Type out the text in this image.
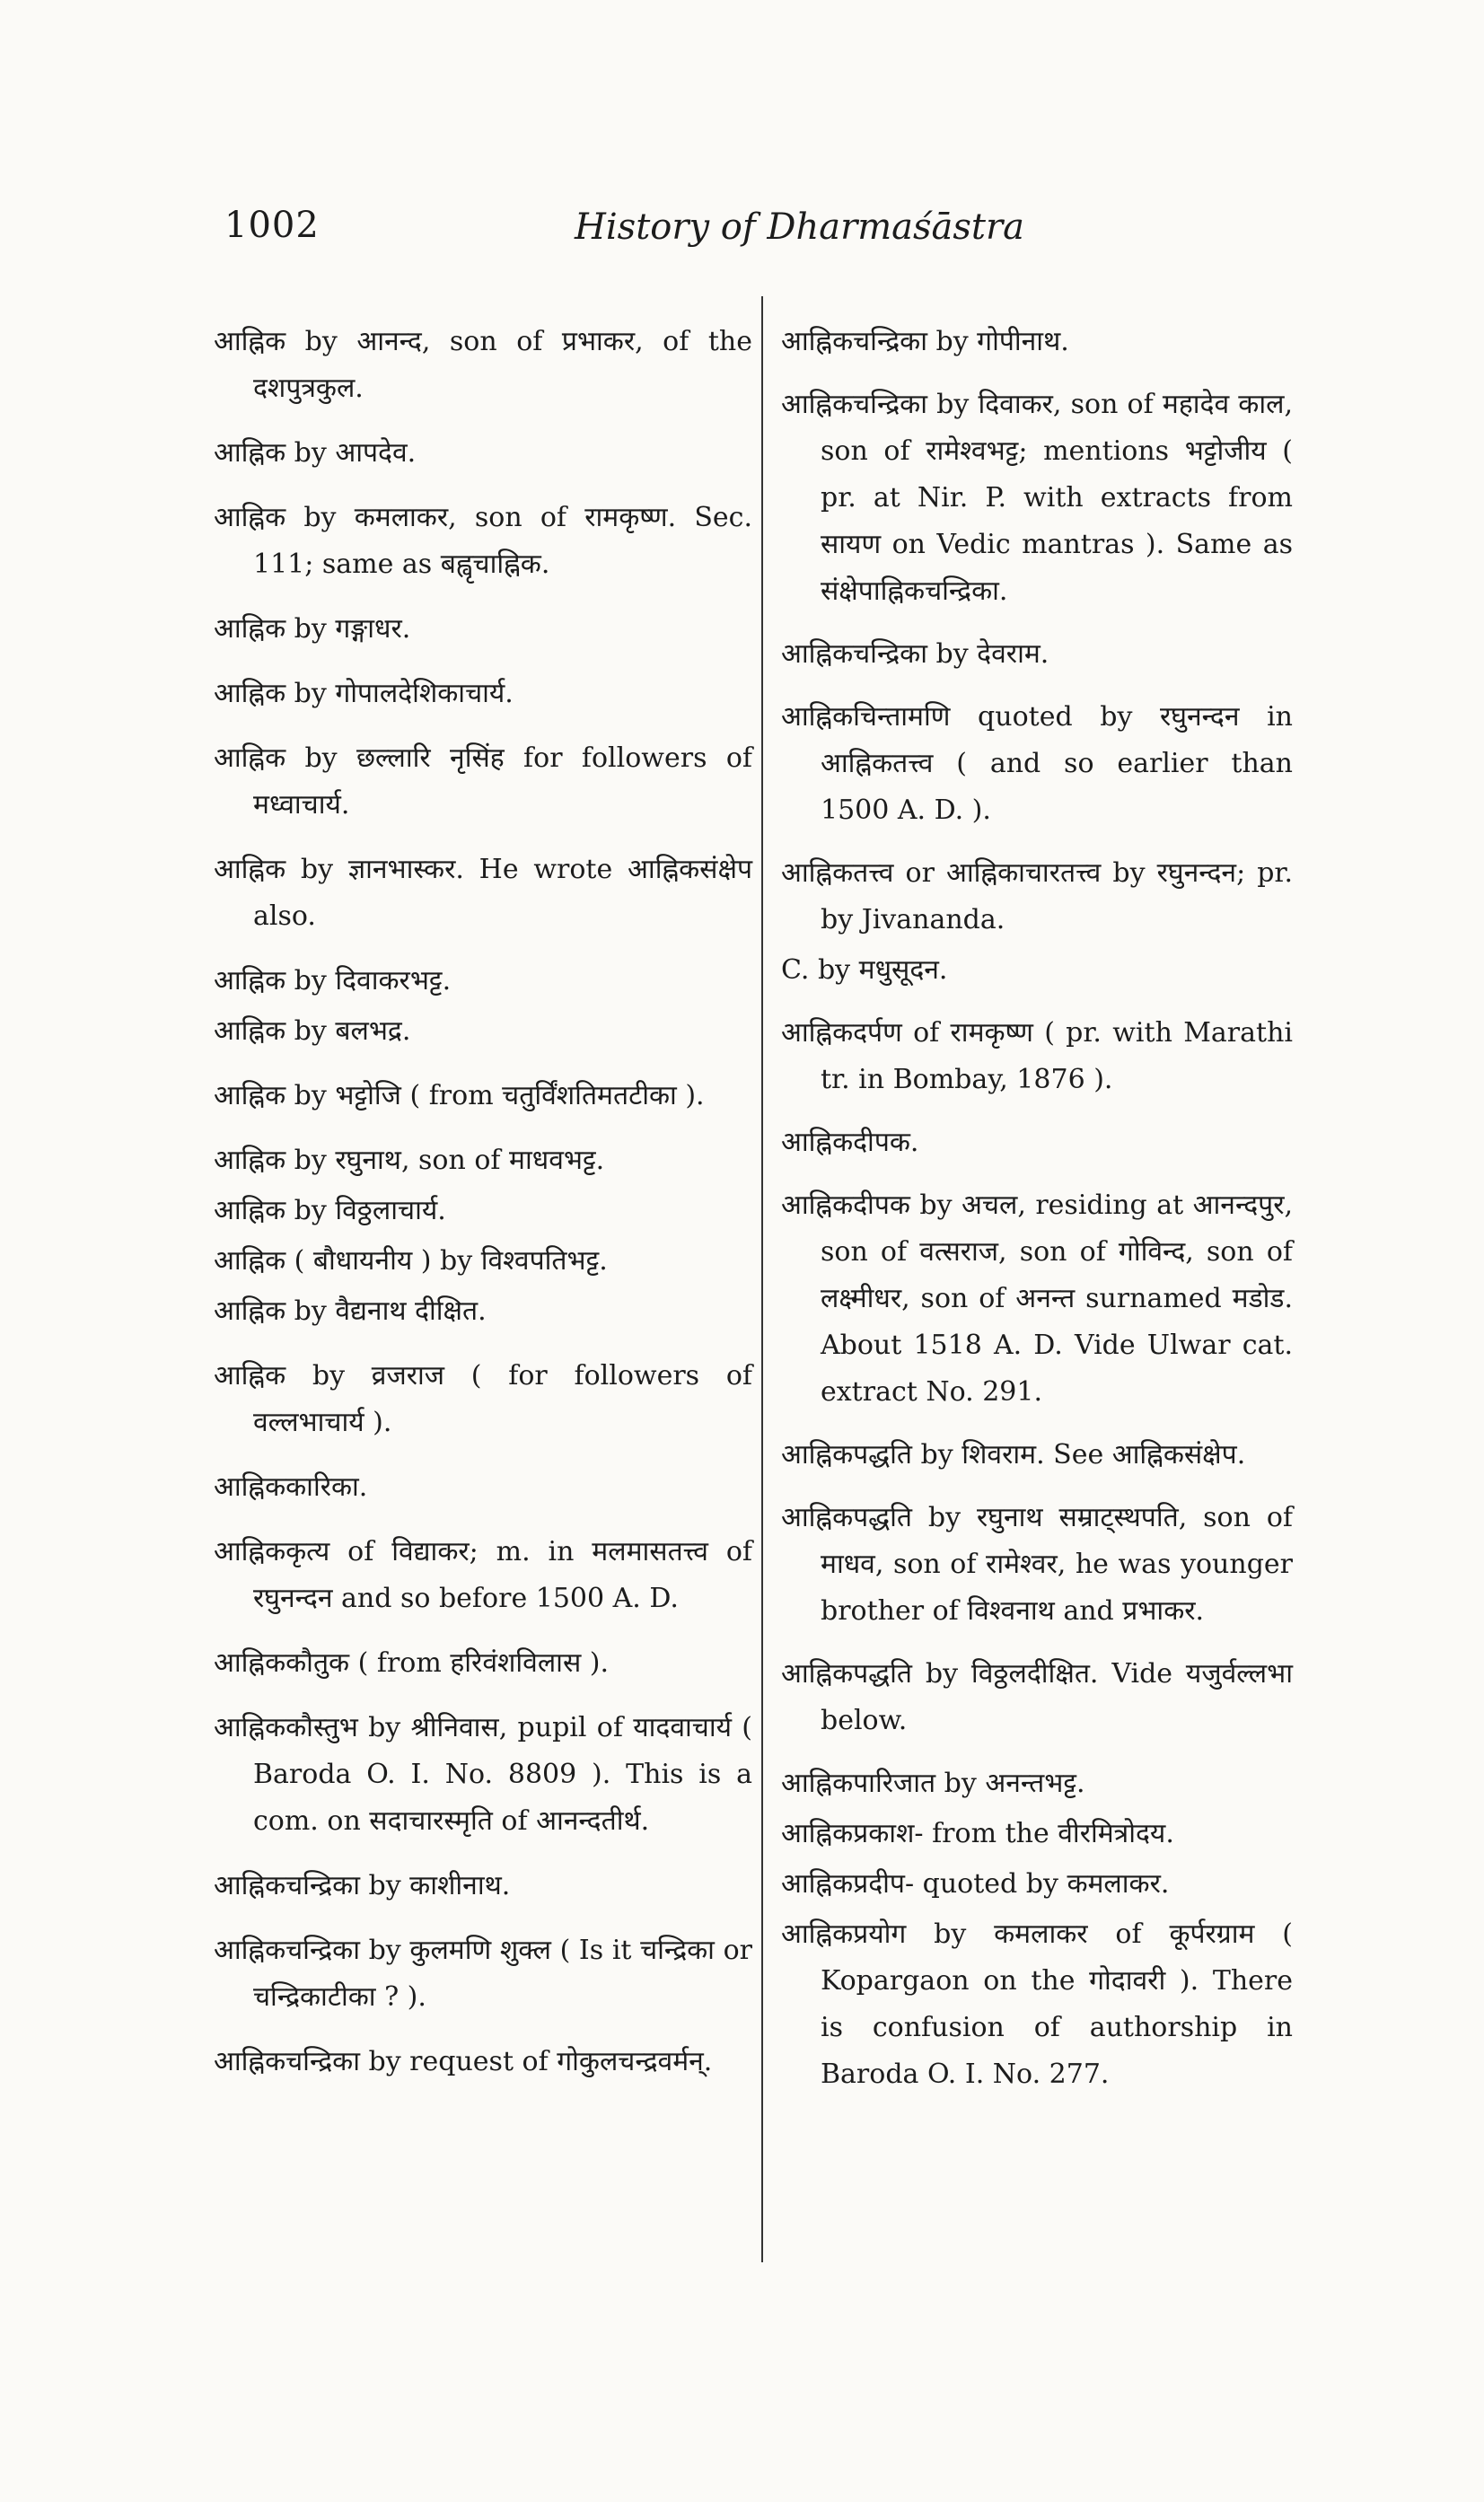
1002	History of Dharmaśāstra

आह्निक by आनन्द, son of प्रभाकर, of the दशपुत्रकुल.

आह्निक by आपदेव.

आह्निक by कमलाकर, son of रामकृष्ण. Sec. 111; same as बह्वृचाह्निक.

आह्निक by गङ्गाधर.

आह्निक by गोपालदेशिकाचार्य.

आह्निक by छल्लारि नृसिंह for followers of मध्वाचार्य.

आह्निक by ज्ञानभास्कर. He wrote आह्निकसंक्षेप also.

आह्निक by दिवाकरभट्ट.

आह्निक by बलभद्र.

आह्निक by भट्टोजि ( from चतुर्विंशतिमतटीका ).

आह्निक by रघुनाथ, son of माधवभट्ट.

आह्निक by विठ्ठलाचार्य.

आह्निक ( बौधायनीय ) by विश्वपतिभट्ट.

आह्निक by वैद्यनाथ दीक्षित.

आह्निक by व्रजराज ( for followers of वल्लभाचार्य ).

आह्निककारिका.

आह्निककृत्य of विद्याकर; m. in मलमासतत्त्व of रघुनन्दन and so before 1500 A. D.

आह्निककौतुक ( from हरिवंशविलास ).

आह्निककौस्तुभ by श्रीनिवास, pupil of यादवाचार्य ( Baroda O. I. No. 8809 ). This is a com. on सदाचारस्मृति of आनन्दतीर्थ.

आह्निकचन्द्रिका by काशीनाथ.

आह्निकचन्द्रिका by कुलमणि शुक्ल ( Is it चन्द्रिका or चन्द्रिकाटीका ? ).

आह्निकचन्द्रिका by request of गोकुलचन्द्रवर्मन्.

आह्निकचन्द्रिका by गोपीनाथ.

आह्निकचन्द्रिका by दिवाकर, son of महादेव काल, son of रामेश्वभट्ट; mentions भट्टोजीय ( pr. at Nir. P. with extracts from सायण on Vedic mantras ). Same as संक्षेपाह्निकचन्द्रिका.

आह्निकचन्द्रिका by देवराम.

आह्निकचिन्तामणि quoted by रघुनन्दन in आह्निकतत्त्व ( and so earlier than 1500 A. D. ).

आह्निकतत्त्व or आह्निकाचारतत्त्व by रघुनन्दन; pr. by Jivananda.

C. by मधुसूदन.

आह्निकदर्पण of रामकृष्ण ( pr. with Marathi tr. in Bombay, 1876 ).

आह्निकदीपक.

आह्निकदीपक by अचल, residing at आनन्दपुर, son of वत्सराज, son of गोविन्द, son of लक्ष्मीधर, son of अनन्त surnamed मडोड. About 1518 A. D. Vide Ulwar cat. extract No. 291.

आह्निकपद्धति by शिवराम. See आह्निकसंक्षेप.

आह्निकपद्धति by रघुनाथ सम्राट्स्थपति, son of माधव, son of रामेश्वर, he was younger brother of विश्वनाथ and प्रभाकर.

आह्निकपद्धति by विठ्ठलदीक्षित. Vide यजुर्वल्लभा below.

आह्निकपारिजात by अनन्तभट्ट.

आह्निकप्रकाश- from the वीरमित्रोदय.

आह्निकप्रदीप- quoted by कमलाकर.

आह्निकप्रयोग by कमलाकर of कूर्परग्राम ( Kopargaon on the गोदावरी ). There is confusion of authorship in Baroda O. I. No. 277.
